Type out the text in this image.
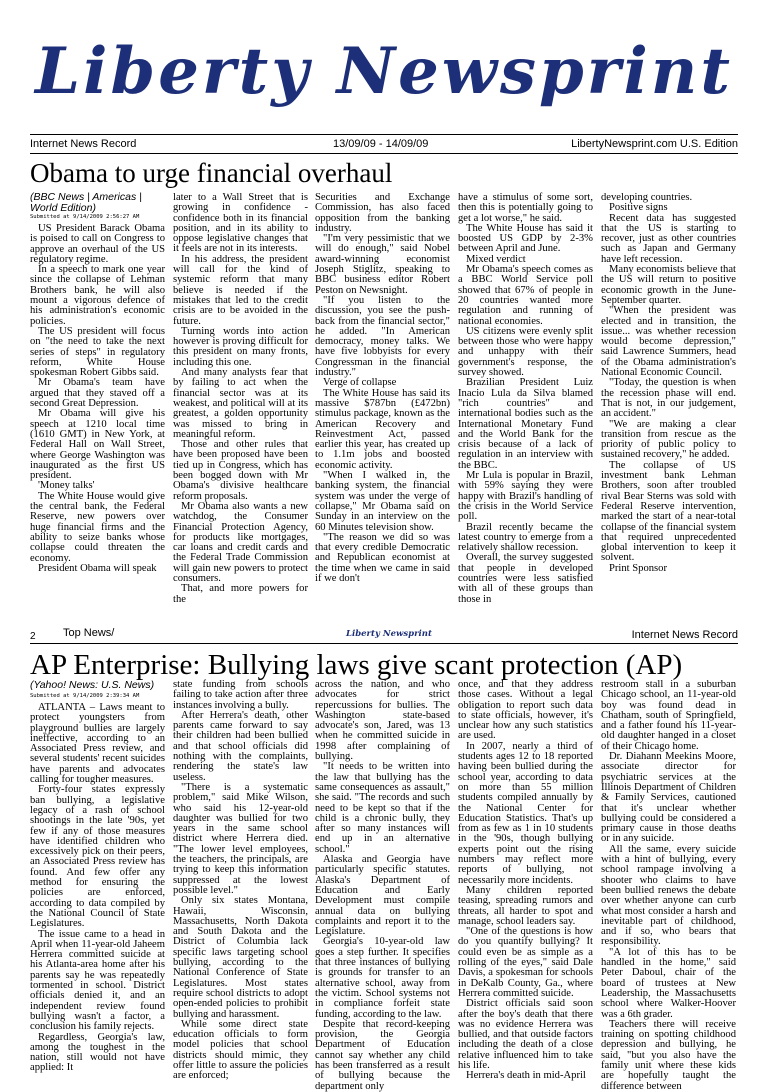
Liberty Newsprint
Internet News Record	13/09/09 - 14/09/09	LibertyNewsprint.com U.S. Edition
Obama to urge financial overhaul
(BBC News | Americas | World Edition)
Submitted at 9/14/2009 2:56:27 AM

US President Barack Obama is poised to call on Congress to approve an overhaul of the US regulatory regime.

In a speech to mark one year since the collapse of Lehman Brothers bank, he will also mount a vigorous defence of his administration's economic policies.

The US president will focus on "the need to take the next series of steps" in regulatory reform, White House spokesman Robert Gibbs said.

Mr Obama's team have argued that they staved off a second Great Depression.

Mr Obama will give his speech at 1210 local time (1610 GMT) in New York, at Federal Hall on Wall Street, where George Washington was inaugurated as the first US president.

'Money talks'

The White House would give the central bank, the Federal Reserve, new powers over huge financial firms and the ability to seize banks whose collapse could threaten the economy.

President Obama will speak

later to a Wall Street that is growing in confidence - confidence both in its financial position, and in its ability to oppose legislative changes that it feels are not in its interests.

In his address, the president will call for the kind of systemic reform that many believe is needed if the mistakes that led to the credit crisis are to be avoided in the future.

Turning words into action however is proving difficult for this president on many fronts, including this one.

And many analysts fear that by failing to act when the financial sector was at its weakest, and political will at its greatest, a golden opportunity was missed to bring in meaningful reform.

Those and other rules that have been proposed have been tied up in Congress, which has been bogged down with Mr Obama's divisive healthcare reform proposals.

Mr Obama also wants a new watchdog, the Consumer Financial Protection Agency, for products like mortgages, car loans and credit cards and the Federal Trade Commission will gain new powers to protect consumers.

That, and more powers for the

Securities and Exchange Commission, has also faced opposition from the banking industry.

"I'm very pessimistic that we will do enough," said Nobel award-winning economist Joseph Stiglitz, speaking to BBC business editor Robert Peston on Newsnight.

"If you listen to the discussion, you see the push-back from the financial sector," he added. "In American democracy, money talks. We have five lobbyists for every Congressman in the financial industry."

Verge of collapse

The White House has said its massive $787bn (£472bn) stimulus package, known as the American Recovery and Reinvestment Act, passed earlier this year, has created up to 1.1m jobs and boosted economic activity.

"When I walked in, the banking system, the financial system was under the verge of collapse," Mr Obama said on Sunday in an interview on the 60 Minutes television show.

"The reason we did so was that every credible Democratic and Republican economist at the time when we came in said if we don't

have a stimulus of some sort, then this is potentially going to get a lot worse," he said.

The White House has said it boosted US GDP by 2-3% between April and June.

Mixed verdict

Mr Obama's speech comes as a BBC World Service poll showed that 67% of people in 20 countries wanted more regulation and running of national economies.

US citizens were evenly split between those who were happy and unhappy with their government's response, the survey showed.

Brazilian President Luiz Inacio Lula da Silva blamed "rich countries" and international bodies such as the International Monetary Fund and the World Bank for the crisis because of a lack of regulation in an interview with the BBC.

Mr Lula is popular in Brazil, with 59% saying they were happy with Brazil's handling of the crisis in the World Service poll.

Brazil recently became the latest country to emerge from a relatively shallow recession.

Overall, the survey suggested that people in developed countries were less satisfied with all of these groups than those in

developing countries.

Positive signs

Recent data has suggested that the US is starting to recover, just as other countries such as Japan and Germany have left recession.

Many economists believe that the US will return to positive economic growth in the June-September quarter.

"When the president was elected and in transition, the issue... was whether recession would become depression," said Lawrence Summers, head of the Obama administration's National Economic Council.

"Today, the question is when the recession phase will end. That is not, in our judgement, an accident."

"We are making a clear transition from rescue as the priority of public policy to sustained recovery," he added.

The collapse of US investment bank Lehman Brothers, soon after troubled rival Bear Sterns was sold with Federal Reserve intervention, marked the start of a near-total collapse of the financial system that required unprecedented global intervention to keep it solvent.

Print Sponsor

2 Top News/	Liberty Newsprint	Internet News Record
AP Enterprise: Bullying laws give scant protection (AP)
(Yahoo! News: U.S. News)
Submitted at 9/14/2009 2:39:34 AM

ATLANTA – Laws meant to protect youngsters from playground bullies are largely ineffective, according to an Associated Press review, and several students' recent suicides have parents and advocates calling for tougher measures.

Forty-four states expressly ban bullying, a legislative legacy of a rash of school shootings in the late '90s, yet few if any of those measures have identified children who excessively pick on their peers, an Associated Press review has found. And few offer any method for ensuring the policies are enforced, according to data compiled by the National Council of State Legislatures.

The issue came to a head in April when 11-year-old Jaheem Herrera committed suicide at his Atlanta-area home after his parents say he was repeatedly tormented in school. District officials denied it, and an independent review found bullying wasn't a factor, a conclusion his family rejects.

Regardless, Georgia's law, among the toughest in the nation, still would not have applied: It

state funding from schools failing to take action after three instances involving a bully.

After Herrera's death, other parents came forward to say their children had been bullied and that school officials did nothing with the complaints, rendering the state's law useless.

"There is a systematic problem," said Mike Wilson, who said his 12-year-old daughter was bullied for two years in the same school district where Herrera died. "The lower level employees, the teachers, the principals, are trying to keep this information suppressed at the lowest possible level."

Only six states Montana, Hawaii, Wisconsin, Massachusetts, North Dakota and South Dakota and the District of Columbia lack specific laws targeting school bullying, according to the National Conference of State Legislatures. Most states require school districts to adopt open-ended policies to prohibit bullying and harassment.

While some direct state education officials to form model policies that school districts should mimic, they offer little to assure the policies are enforced;

across the nation, and who advocates for strict repercussions for bullies. The Washington state-based advocate's son, Jared, was 13 when he committed suicide in 1998 after complaining of bullying.

"It needs to be written into the law that bullying has the same consequences as assault," she said. "The records and such need to be kept so that if the child is a chronic bully, they after so many instances will end up in an alternative school."

Alaska and Georgia have particularly specific statutes. Alaska's Department of Education and Early Development must compile annual data on bullying complaints and report it to the Legislature.

Georgia's 10-year-old law goes a step further. It specifies that three instances of bullying is grounds for transfer to an alternative school, away from the victim. School systems not in compliance forfeit state funding, according to the law.

Despite that record-keeping provision, the Georgia Department of Education cannot say whether any child has been transferred as a result of bullying because the department only

once, and that they address those cases. Without a legal obligation to report such data to state officials, however, it's unclear how any such statistics are used.

In 2007, nearly a third of students ages 12 to 18 reported having been bullied during the school year, according to data on more than 55 million students compiled annually by the National Center for Education Statistics. That's up from as few as 1 in 10 students in the '90s, though bullying experts point out the rising numbers may reflect more reports of bullying, not necessarily more incidents.

Many children reported teasing, spreading rumors and threats, all harder to spot and manage, school leaders say.

"One of the questions is how do you quantify bullying? It could even be as simple as a rolling of the eyes," said Dale Davis, a spokesman for schools in DeKalb County, Ga., where Herrera committed suicide.

District officials said soon after the boy's death that there was no evidence Herrera was bullied, and that outside factors including the death of a close relative influenced him to take his life.

Herrera's death in mid-April

restroom stall in a suburban Chicago school, an 11-year-old boy was found dead in Chatham, south of Springfield, and a father found his 11-year-old daughter hanged in a closet of their Chicago home.

Dr. Diahann Meekins Moore, associate director for psychiatric services at the Illinois Department of Children & Family Services, cautioned that it's unclear whether bullying could be considered a primary cause in those deaths or in any suicide.

All the same, every suicide with a hint of bullying, every school rampage involving a shooter who claims to have been bullied renews the debate over whether anyone can curb what most consider a harsh and inevitable part of childhood, and if so, who bears that responsibility.

"A lot of this has to be handled in the home," said Peter Daboul, chair of the board of trustees at New Leadership, the Massachusetts school where Walker-Hoover was a 6th grader.

Teachers there will receive training on spotting childhood depression and bullying, he said, "but you also have the family unit where these kids are hopefully taught the difference between
